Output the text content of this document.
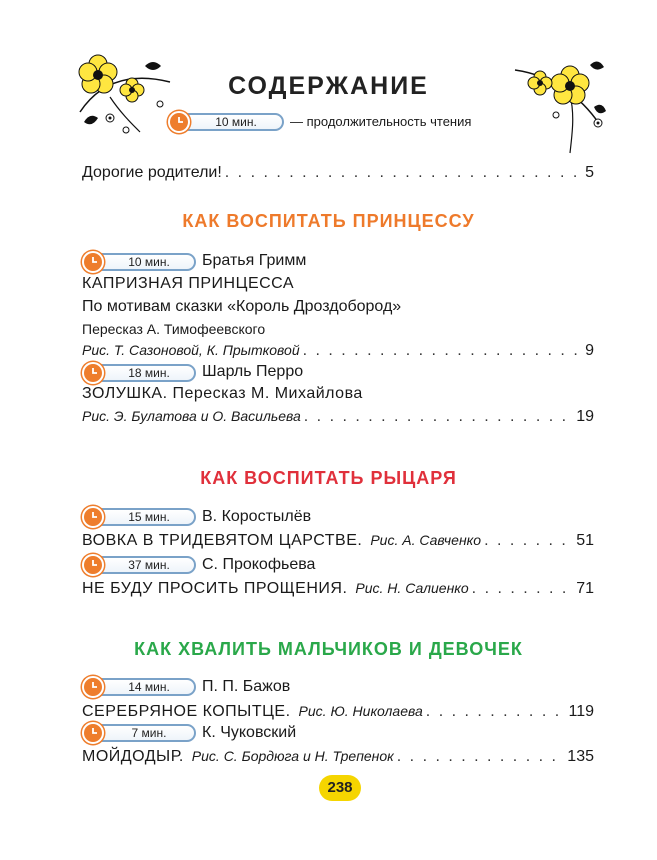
СОДЕРЖАНИЕ
10 мин.	— продолжительность чтения
Дорогие родители! . . .	5
КАК ВОСПИТАТЬ ПРИНЦЕССУ
10 мин.	Братья Гримм
КАПРИЗНАЯ ПРИНЦЕССА
По мотивам сказки «Король Дроздобород»
Пересказ А. Тимофеевского
Рис. Т. Сазоновой, К. Прытковой . . .	9
18 мин.	Шарль Перро
ЗОЛУШКА. Пересказ М. Михайлова
Рис. Э. Булатова и О. Васильева . . .	19
КАК ВОСПИТАТЬ РЫЦАРЯ
15 мин.	В. Коростылёв
ВОВКА В ТРИДЕВЯТОМ ЦАРСТВЕ. Рис. А. Савченко . . .	51
37 мин.	С. Прокофьева
НЕ БУДУ ПРОСИТЬ ПРОЩЕНИЯ. Рис. Н. Салиенко . . .	71
КАК ХВАЛИТЬ МАЛЬЧИКОВ И ДЕВОЧЕК
14 мин.	П. П. Бажов
СЕРЕБРЯНОЕ КОПЫТЦЕ. Рис. Ю. Николаева . . .	119
7 мин.	К. Чуковский
МОЙДОДЫР. Рис. С. Бордюга и Н. Трепенок . . .	135
238
